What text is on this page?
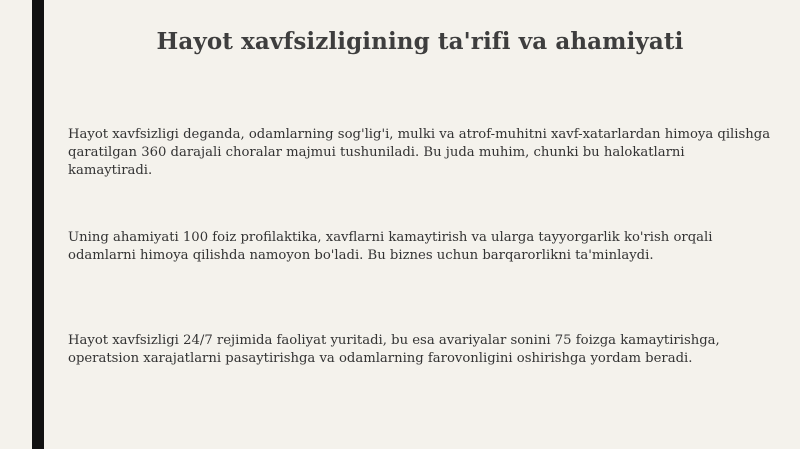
Hayot xavfsizligining ta'rifi va ahamiyati
Hayot xavfsizligi deganda, odamlarning sog'lig'i, mulki va atrof-muhitni xavf-xatarlardan himoya qilishga qaratilgan 360 darajali choralar majmui tushuniladi. Bu juda muhim, chunki bu halokatlarni kamaytiradi.
Uning ahamiyati 100 foiz profilaktika, xavflarni kamaytirish va ularga tayyorgarlik ko'rish orqali odamlarni himoya qilishda namoyon bo'ladi. Bu biznes uchun barqarorlikni ta'minlaydi.
Hayot xavfsizligi 24/7 rejimida faoliyat yuritadi, bu esa avariyalar sonini 75 foizga kamaytirishga, operatsion xarajatlarni pasaytirishga va odamlarning farovonligini oshirishga yordam beradi.
